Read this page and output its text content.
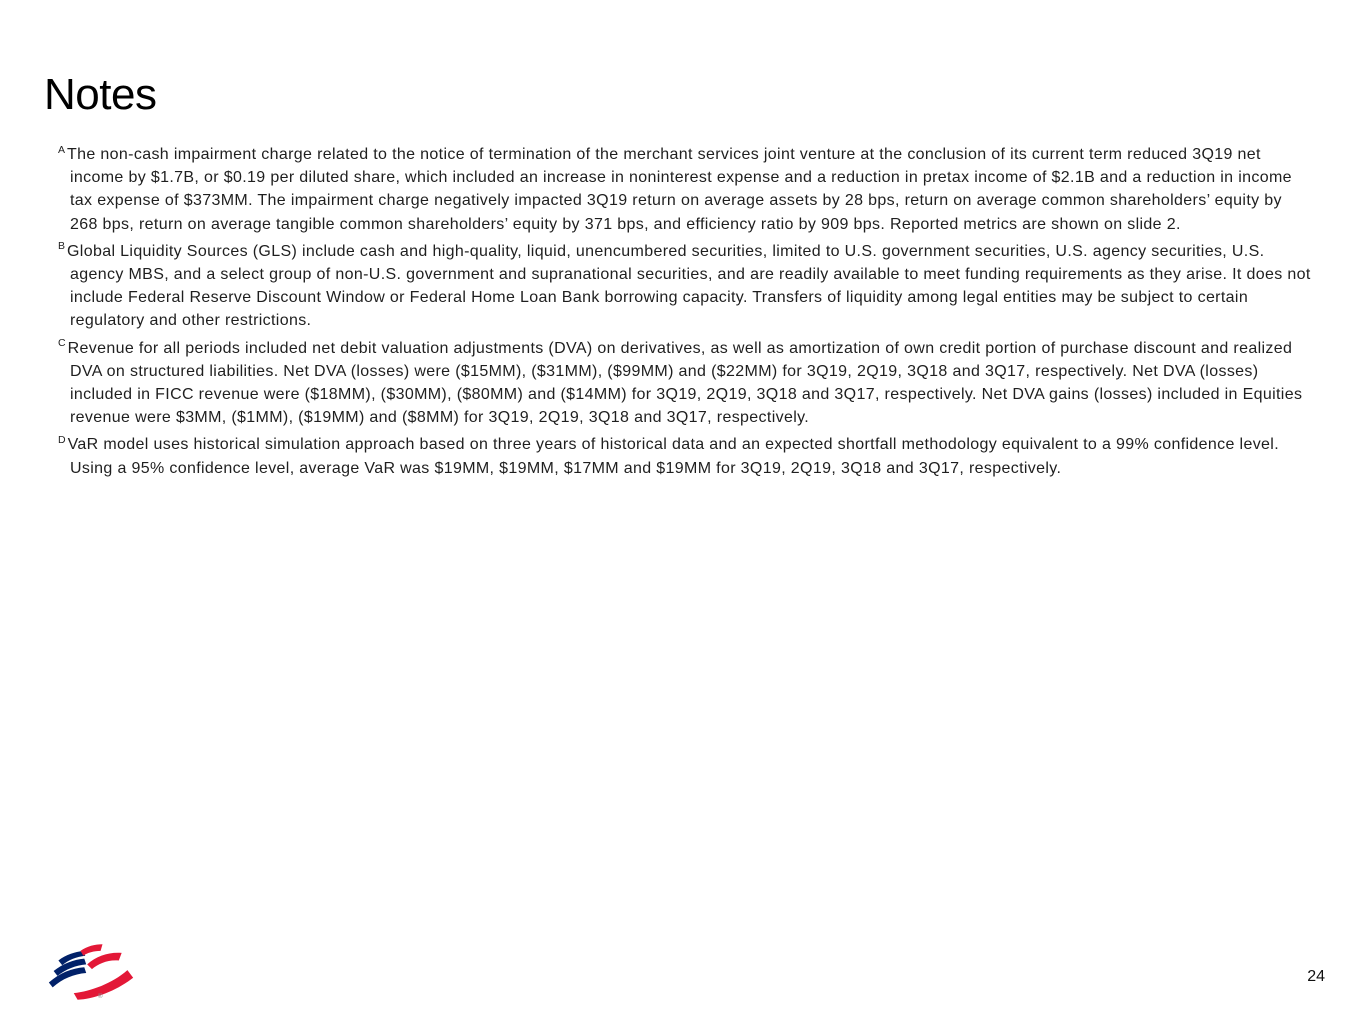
Notes

$^A$ The non-cash impairment charge related to the notice of termination of the merchant services joint venture at the conclusion of its current term reduced 3Q19 net income by $1.7B, or $0.19 per diluted share, which included an increase in noninterest expense and a reduction in pretax income of $2.1B and a reduction in income tax expense of $373MM. The impairment charge negatively impacted 3Q19 return on average assets by 28 bps, return on average common shareholders’ equity by 268 bps, return on average tangible common shareholders’ equity by 371 bps, and efficiency ratio by 909 bps. Reported metrics are shown on slide 2.

$^B$ Global Liquidity Sources (GLS) include cash and high-quality, liquid, unencumbered securities, limited to U.S. government securities, U.S. agency securities, U.S. agency MBS, and a select group of non-U.S. government and supranational securities, and are readily available to meet funding requirements as they arise. It does not include Federal Reserve Discount Window or Federal Home Loan Bank borrowing capacity. Transfers of liquidity among legal entities may be subject to certain regulatory and other restrictions.

$^C$ Revenue for all periods included net debit valuation adjustments (DVA) on derivatives, as well as amortization of own credit portion of purchase discount and realized DVA on structured liabilities. Net DVA (losses) were ($15MM), ($31MM), ($99MM) and ($22MM) for 3Q19, 2Q19, 3Q18 and 3Q17, respectively. Net DVA (losses) included in FICC revenue were ($18MM), ($30MM), ($80MM) and ($14MM) for 3Q19, 2Q19, 3Q18 and 3Q17, respectively. Net DVA gains (losses) included in Equities revenue were $3MM, ($1MM), ($19MM) and ($8MM) for 3Q19, 2Q19, 3Q18 and 3Q17, respectively.

$^D$ VaR model uses historical simulation approach based on three years of historical data and an expected shortfall methodology equivalent to a 99% confidence level. Using a 95% confidence level, average VaR was $19MM, $19MM, $17MM and $19MM for 3Q19, 2Q19, 3Q18 and 3Q17, respectively.

®
24
